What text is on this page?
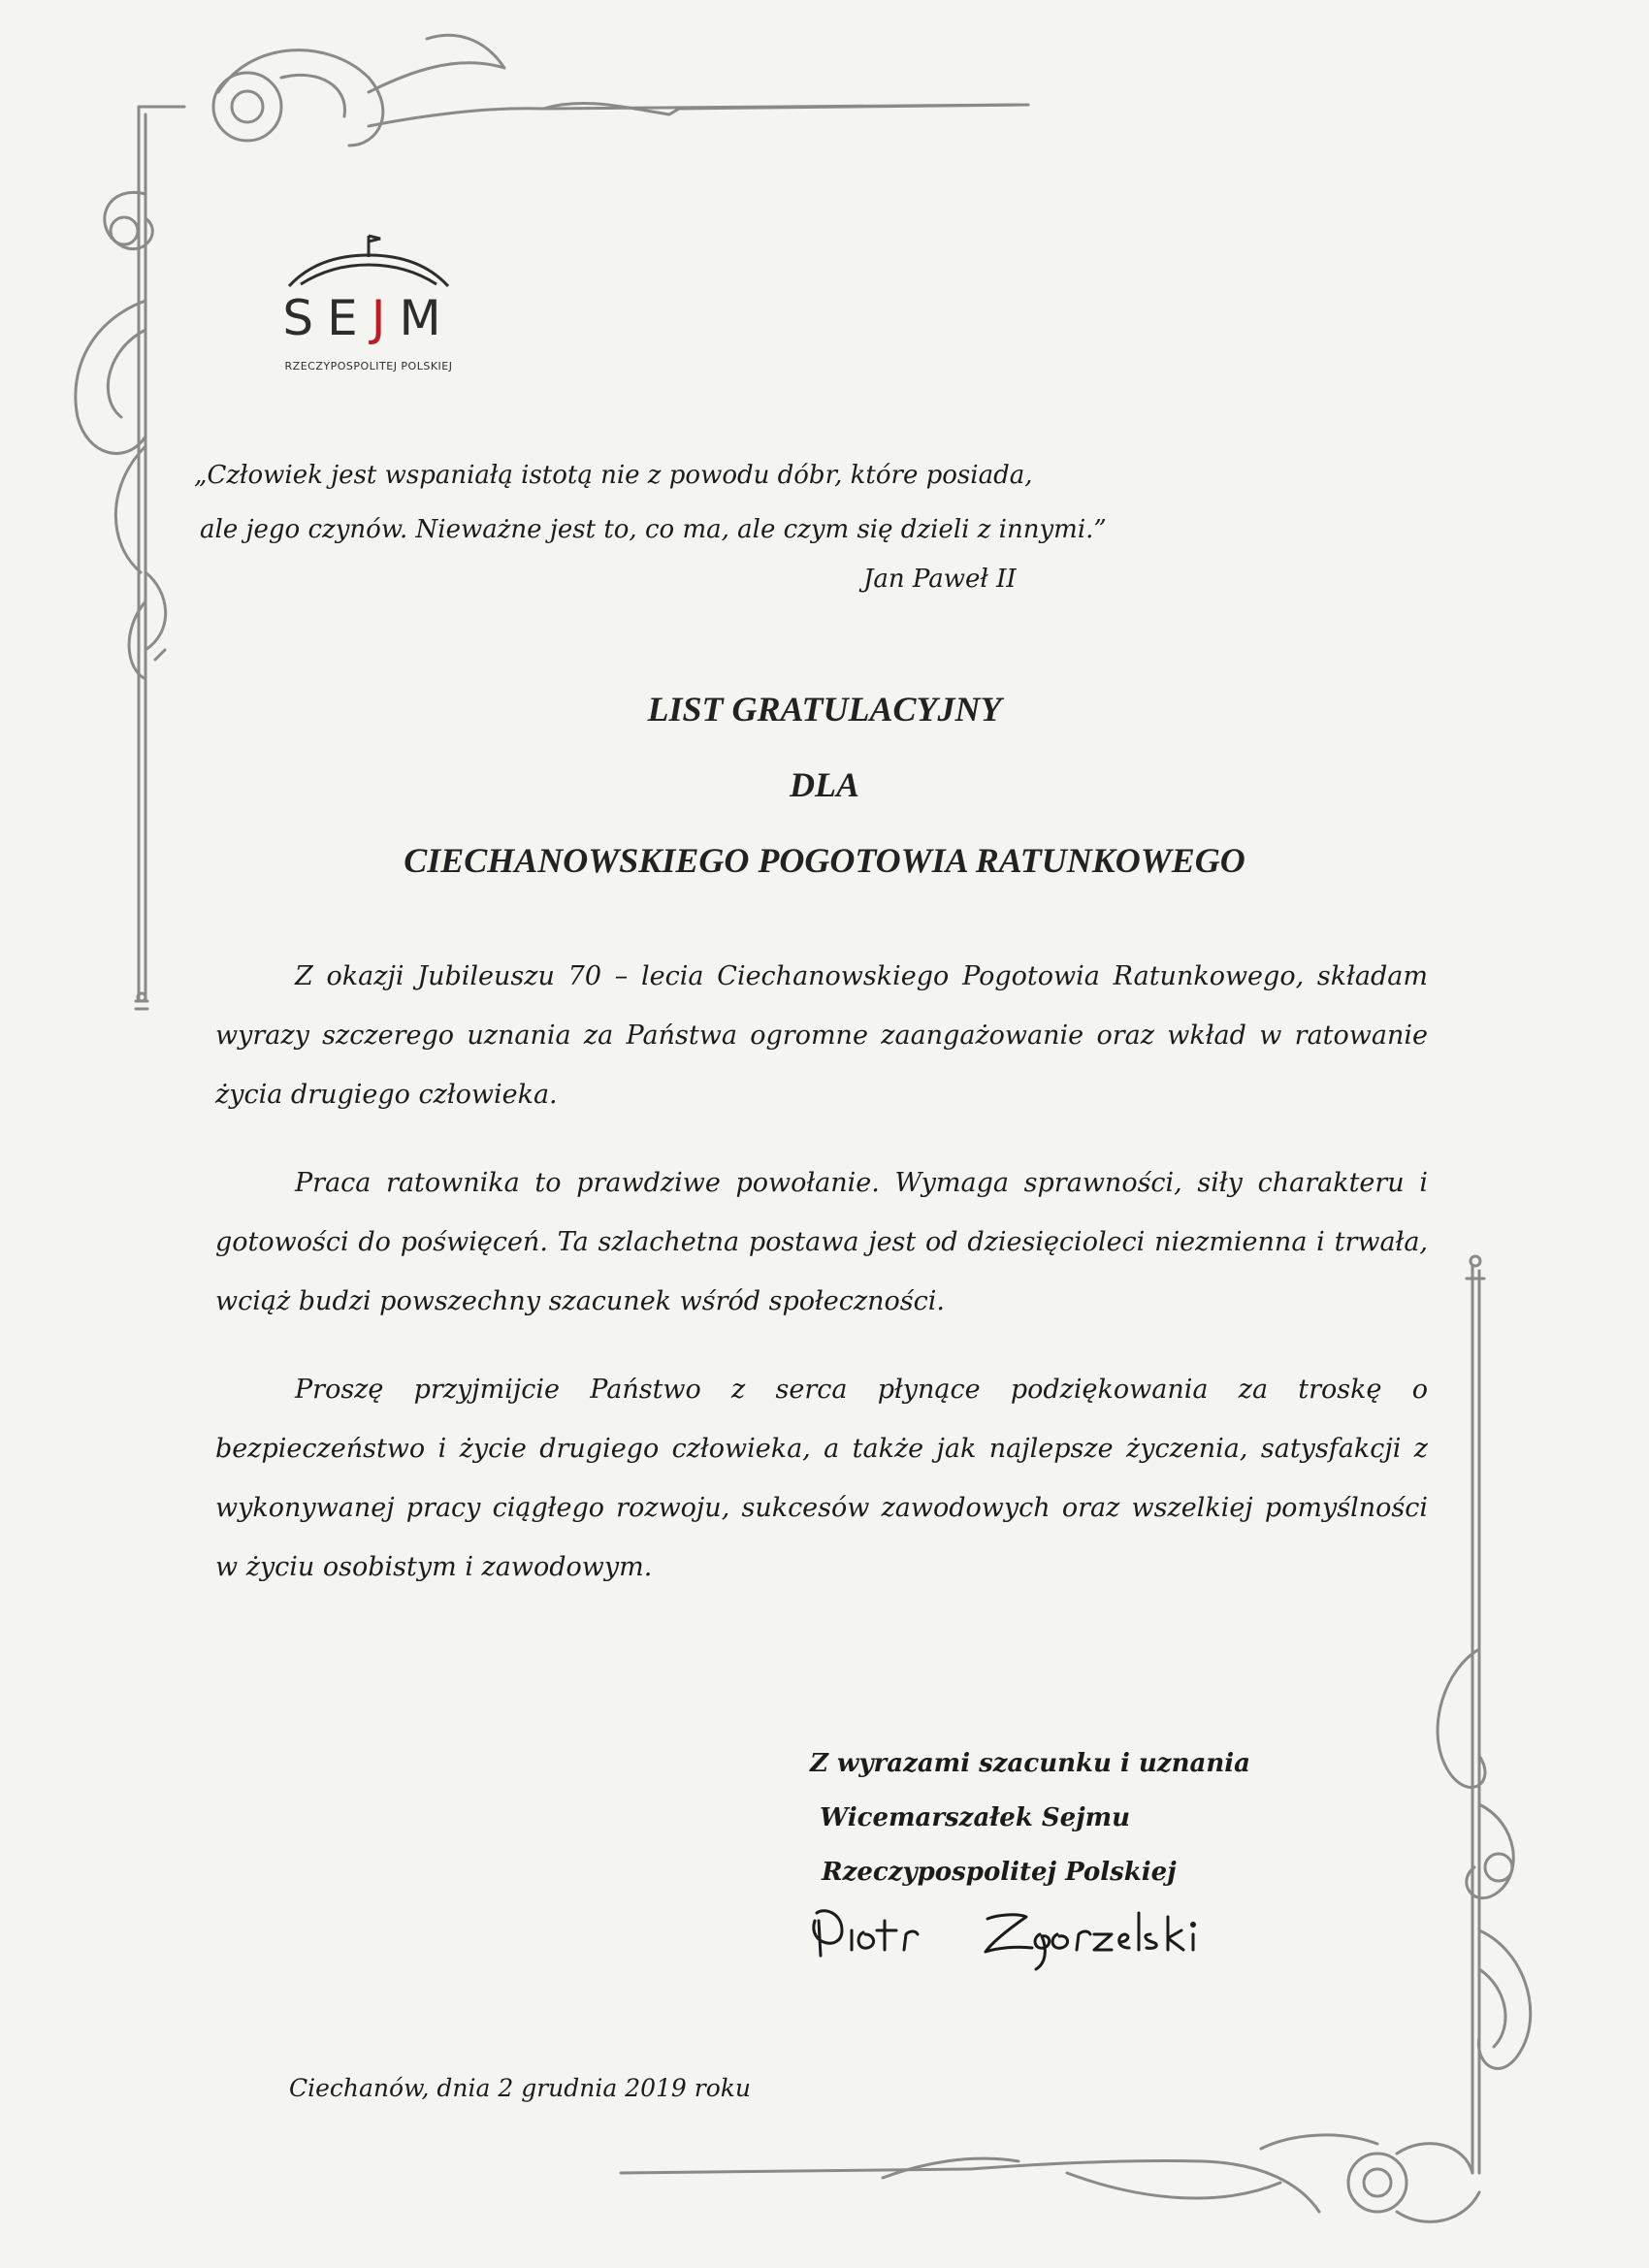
SEJM
RZECZYPOSPOLITEJ POLSKIEJ

„Człowiek jest wspaniałą istotą nie z powodu dóbr, które posiada,

ale jego czynów. Nieważne jest to, co ma, ale czym się dzieli z innymi.”

Jan Paweł II
LIST GRATULACYJNY
DLA
CIECHANOWSKIEGO POGOTOWIA RATUNKOWEGO

Z okazji Jubileuszu 70 – lecia Ciechanowskiego Pogotowia Ratunkowego, składam wyrazy szczerego uznania za Państwa ogromne zaangażowanie oraz wkład w ratowanie życia drugiego człowieka.

Praca ratownika to prawdziwe powołanie. Wymaga sprawności, siły charakteru i gotowości do poświęceń. Ta szlachetna postawa jest od dziesięcioleci niezmienna i trwała, wciąż budzi powszechny szacunek wśród społeczności.

Proszę przyjmijcie Państwo z serca płynące podziękowania za troskę o bezpieczeństwo i życie drugiego człowieka, a także jak najlepsze życzenia, satysfakcji z wykonywanej pracy ciągłego rozwoju, sukcesów zawodowych oraz wszelkiej pomyślności w życiu osobistym i zawodowym.

Z wyrazami szacunku i uznania
Wicemarszałek Sejmu
Rzeczypospolitej Polskiej
Ciechanów, dnia 2 grudnia 2019 roku
